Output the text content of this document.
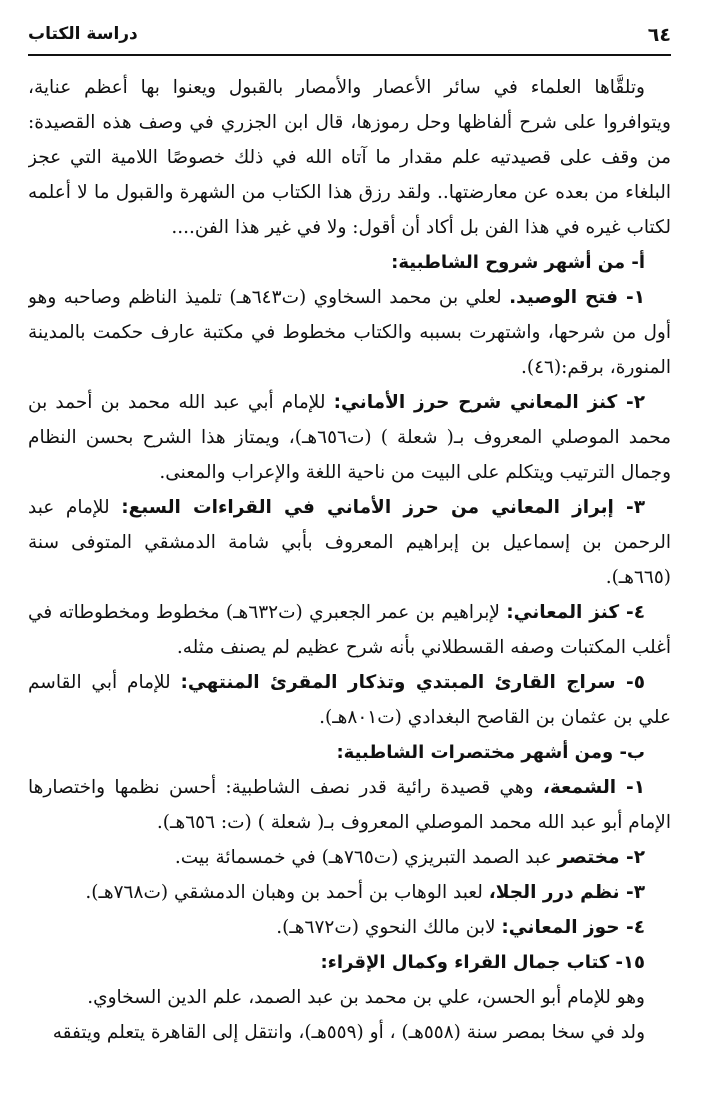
دراسة الكتاب	٦٤

وتلقَّاها العلماء في سائر الأعصار والأمصار بالقبول ويعنوا بها أعظم عناية، ويتوافروا على شرح ألفاظها وحل رموزها، قال ابن الجزري في وصف هذه القصيدة: من وقف على قصيدتيه علم مقدار ما آتاه الله في ذلك خصوصًا اللامية التي عجز البلغاء من بعده عن معارضتها.. ولقد رزق هذا الكتاب من الشهرة والقبول ما لا أعلمه لكتاب غيره في هذا الفن بل أكاد أن أقول: ولا في غير هذا الفن....

أ- من أشهر شروح الشاطبية:

١- فتح الوصيد. لعلي بن محمد السخاوي (ت٦٤٣هـ) تلميذ الناظم وصاحبه وهو أول من شرحها، واشتهرت بسببه والكتاب مخطوط في مكتبة عارف حكمت بالمدينة المنورة، برقم:(٤٦).

٢- كنز المعاني شرح حرز الأماني: للإمام أبي عبد الله محمد بن أحمد بن محمد الموصلي المعروف بـ( شعلة ) (ت٦٥٦هـ)، ويمتاز هذا الشرح بحسن النظام وجمال الترتيب ويتكلم على البيت من ناحية اللغة والإعراب والمعنى.

٣- إبراز المعاني من حرز الأماني في القراءات السبع: للإمام عبد الرحمن بن إسماعيل بن إبراهيم المعروف بأبي شامة الدمشقي المتوفى سنة (٦٦٥هـ).

٤- كنز المعاني: لإبراهيم بن عمر الجعبري (ت٦٣٢هـ) مخطوط ومخطوطاته في أغلب المكتبات وصفه القسطلاني بأنه شرح عظيم لم يصنف مثله.

٥- سراج القارئ المبتدي وتذكار المقرئ المنتهي: للإمام أبي القاسم علي بن عثمان بن القاصح البغدادي (ت٨٠١هـ).

ب- ومن أشهر مختصرات الشاطبية:

١- الشمعة، وهي قصيدة رائية قدر نصف الشاطبية: أحسن نظمها واختصارها الإمام أبو عبد الله محمد الموصلي المعروف بـ( شعلة ) (ت: ٦٥٦هـ).

٢- مختصر عبد الصمد التبريزي (ت٧٦٥هـ) في خمسمائة بيت.

٣- نظم درر الجلا، لعبد الوهاب بن أحمد بن وهبان الدمشقي (ت٧٦٨هـ).

٤- حوز المعاني: لابن مالك النحوي (ت٦٧٢هـ).

١٥- كتاب جمال القراء وكمال الإقراء:

وهو للإمام أبو الحسن، علي بن محمد بن عبد الصمد، علم الدين السخاوي.

ولد في سخا بمصر سنة (٥٥٨هـ) ، أو (٥٥٩هـ)، وانتقل إلى القاهرة يتعلم ويتفقه
